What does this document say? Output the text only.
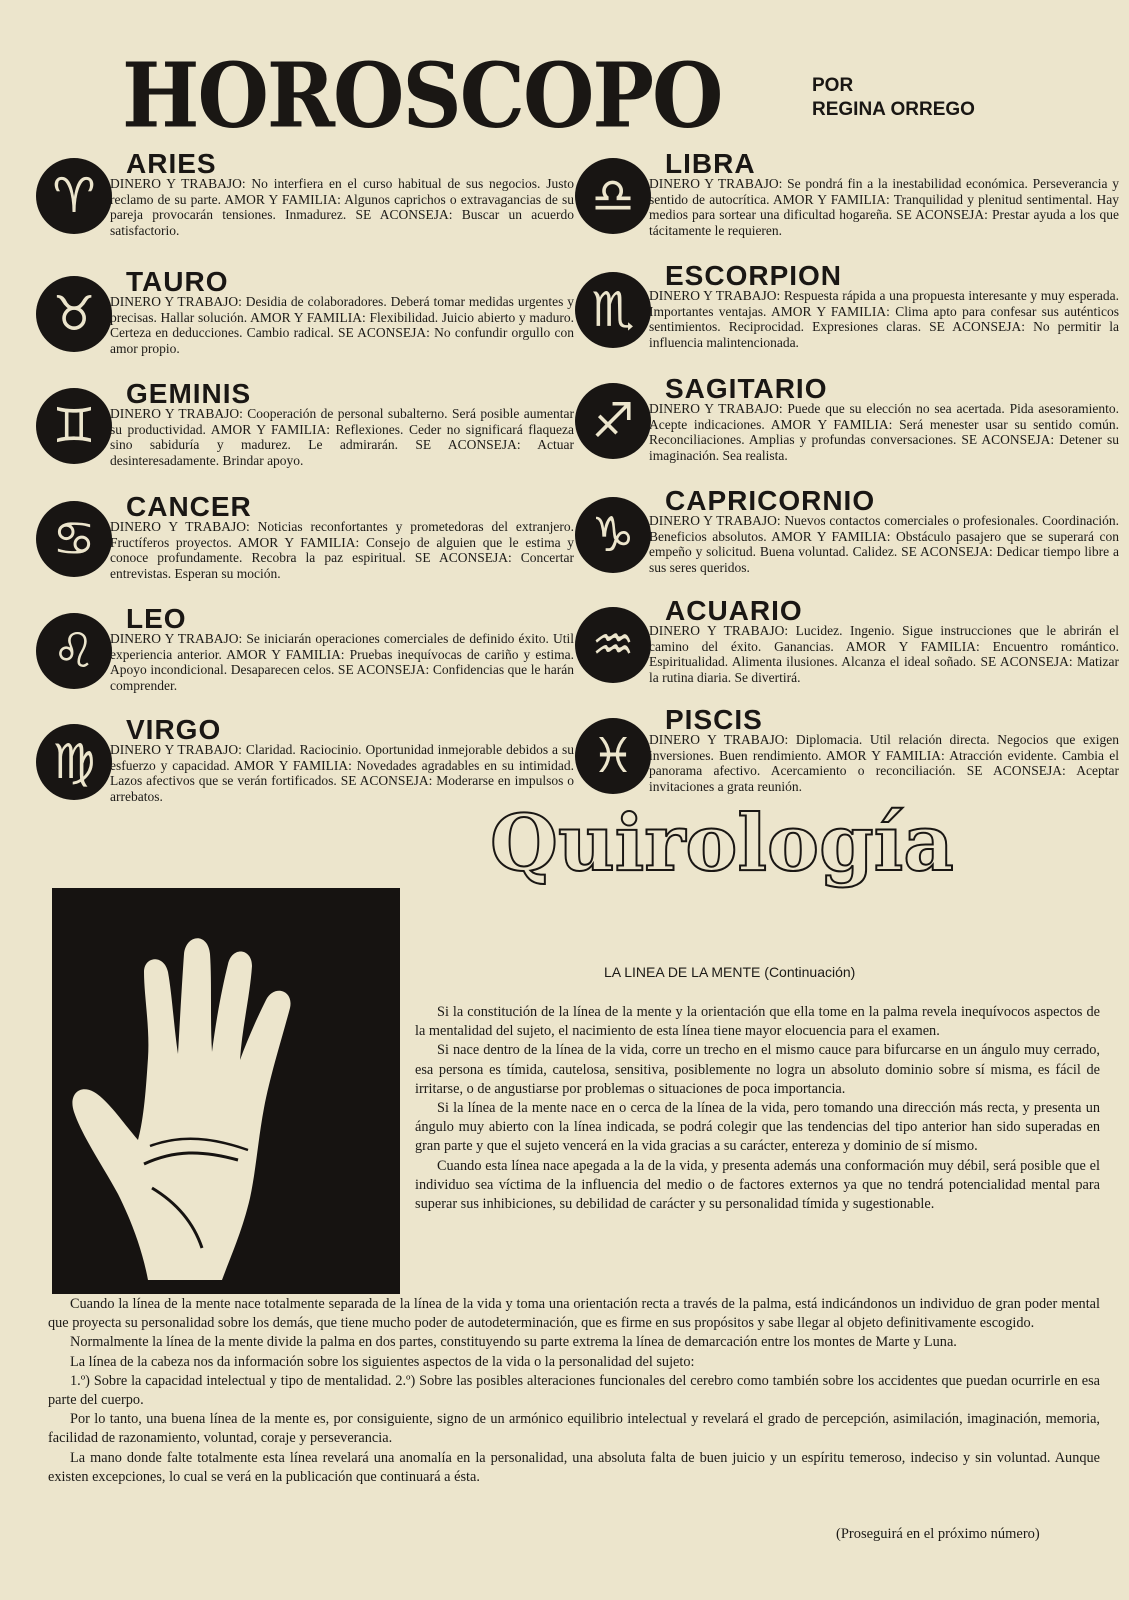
HOROSCOPO	POR
REGINA ORREGO
♈
ARIES
DINERO Y TRABAJO: No interfiera en el curso habitual de sus negocios. Justo reclamo de su parte. AMOR Y FAMILIA: Algunos caprichos o extravagancias de su pareja provocarán tensiones. Inmadurez. SE ACONSEJA: Buscar un acuerdo satisfactorio.
♉
TAURO
DINERO Y TRABAJO: Desidia de colaboradores. Deberá tomar medidas urgentes y precisas. Hallar solución. AMOR Y FAMILIA: Flexibilidad. Juicio abierto y maduro. Certeza en deducciones. Cambio radical. SE ACONSEJA: No confundir orgullo con amor propio.
♊
GEMINIS
DINERO Y TRABAJO: Cooperación de personal subalterno. Será posible aumentar su productividad. AMOR Y FAMILIA: Reflexiones. Ceder no significará flaqueza sino sabiduría y madurez. Le admirarán. SE ACONSEJA: Actuar desinteresadamente. Brindar apoyo.
♋
CANCER
DINERO Y TRABAJO: Noticias reconfortantes y prometedoras del extranjero. Fructíferos proyectos. AMOR Y FAMILIA: Consejo de alguien que le estima y conoce profundamente. Recobra la paz espiritual. SE ACONSEJA: Concertar entrevistas. Esperan su moción.
♌
LEO
DINERO Y TRABAJO: Se iniciarán operaciones comerciales de definido éxito. Util experiencia anterior. AMOR Y FAMILIA: Pruebas inequívocas de cariño y estima. Apoyo incondicional. Desaparecen celos. SE ACONSEJA: Confidencias que le harán comprender.
♍
VIRGO
DINERO Y TRABAJO: Claridad. Raciocinio. Oportunidad inmejorable debidos a su esfuerzo y capacidad. AMOR Y FAMILIA: Novedades agradables en su intimidad. Lazos afectivos que se verán fortificados. SE ACONSEJA: Moderarse en impulsos o arrebatos.
♎
LIBRA
DINERO Y TRABAJO: Se pondrá fin a la inestabilidad económica. Perseverancia y sentido de autocrítica. AMOR Y FAMILIA: Tranquilidad y plenitud sentimental. Hay medios para sortear una dificultad hogareña. SE ACONSEJA: Prestar ayuda a los que tácitamente le requieren.
♏
ESCORPION
DINERO Y TRABAJO: Respuesta rápida a una propuesta interesante y muy esperada. Importantes ventajas. AMOR Y FAMILIA: Clima apto para confesar sus auténticos sentimientos. Reciprocidad. Expresiones claras. SE ACONSEJA: No permitir la influencia malintencionada.
♐
SAGITARIO
DINERO Y TRABAJO: Puede que su elección no sea acertada. Pida asesoramiento. Acepte indicaciones. AMOR Y FAMILIA: Será menester usar su sentido común. Reconciliaciones. Amplias y profundas conversaciones. SE ACONSEJA: Detener su imaginación. Sea realista.
♑
CAPRICORNIO
DINERO Y TRABAJO: Nuevos contactos comerciales o profesionales. Coordinación. Beneficios absolutos. AMOR Y FAMILIA: Obstáculo pasajero que se superará con empeño y solicitud. Buena voluntad. Calidez. SE ACONSEJA: Dedicar tiempo libre a sus seres queridos.
♒
ACUARIO
DINERO Y TRABAJO: Lucidez. Ingenio. Sigue instrucciones que le abrirán el camino del éxito. Ganancias. AMOR Y FAMILIA: Encuentro romántico. Espiritualidad. Alimenta ilusiones. Alcanza el ideal soñado. SE ACONSEJA: Matizar la rutina diaria. Se divertirá.
♓
PISCIS
DINERO Y TRABAJO: Diplomacia. Util relación directa. Negocios que exigen inversiones. Buen rendimiento. AMOR Y FAMILIA: Atracción evidente. Cambia el panorama afectivo. Acercamiento o reconciliación. SE ACONSEJA: Aceptar invitaciones a grata reunión.
Quirología
LA LINEA DE LA MENTE (Continuación)

Si la constitución de la línea de la mente y la orientación que ella tome en la palma revela inequívocos aspectos de la mentalidad del sujeto, el nacimiento de esta línea tiene mayor elocuencia para el examen.

Si nace dentro de la línea de la vida, corre un trecho en el mismo cauce para bifurcarse en un ángulo muy cerrado, esa persona es tímida, cautelosa, sensitiva, posiblemente no logra un absoluto dominio sobre sí misma, es fácil de irritarse, o de angustiarse por problemas o situaciones de poca importancia.

Si la línea de la mente nace en o cerca de la línea de la vida, pero tomando una dirección más recta, y presenta un ángulo muy abierto con la línea indicada, se podrá colegir que las tendencias del tipo anterior han sido superadas en gran parte y que el sujeto vencerá en la vida gracias a su carácter, entereza y dominio de sí mismo.

Cuando esta línea nace apegada a la de la vida, y presenta además una conformación muy débil, será posible que el individuo sea víctima de la influencia del medio o de factores externos ya que no tendrá potencialidad mental para superar sus inhibiciones, su debilidad de carácter y su personalidad tímida y sugestionable.

Cuando la línea de la mente nace totalmente separada de la línea de la vida y toma una orientación recta a través de la palma, está indicándonos un individuo de gran poder mental que proyecta su personalidad sobre los demás, que tiene mucho poder de autodeterminación, que es firme en sus propósitos y sabe llegar al objeto definitivamente escogido.

Normalmente la línea de la mente divide la palma en dos partes, constituyendo su parte extrema la línea de demarcación entre los montes de Marte y Luna.

La línea de la cabeza nos da información sobre los siguientes aspectos de la vida o la personalidad del sujeto:

1.º) Sobre la capacidad intelectual y tipo de mentalidad. 2.º) Sobre las posibles alteraciones funcionales del cerebro como también sobre los accidentes que puedan ocurrirle en esa parte del cuerpo.

Por lo tanto, una buena línea de la mente es, por consiguiente, signo de un armónico equilibrio intelectual y revelará el grado de percepción, asimilación, imaginación, memoria, facilidad de razonamiento, voluntad, coraje y perseverancia.

La mano donde falte totalmente esta línea revelará una anomalía en la personalidad, una absoluta falta de buen juicio y un espíritu temeroso, indeciso y sin voluntad. Aunque existen excepciones, lo cual se verá en la publicación que continuará a ésta.

(Proseguirá en el próximo número)
